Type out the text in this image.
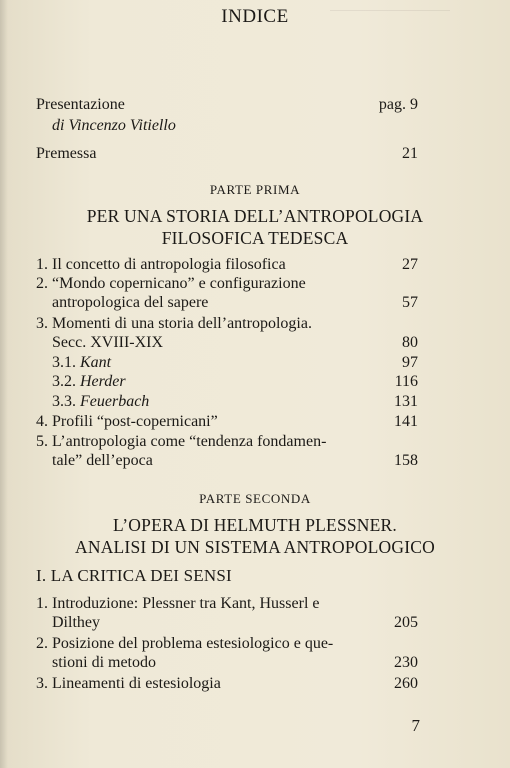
INDICE
Presentazione	pag. 9
di Vincenzo Vitiello
Premessa	21
PARTE PRIMA
PER UNA STORIA DELL’ANTROPOLOGIA
FILOSOFICA TEDESCA
1. Il concetto di antropologia filosofica	27
2. “Mondo copernicano” e configurazione
antropologica del sapere	57
3. Momenti di una storia dell’antropologia.
Secc. XVIII-XIX	80
3.1. Kant	97
3.2. Herder	116
3.3. Feuerbach	131
4. Profili “post-copernicani”	141
5. L’antropologia come “tendenza fondamen-
tale” dell’epoca	158
PARTE SECONDA
L’OPERA DI HELMUTH PLESSNER.
ANALISI DI UN SISTEMA ANTROPOLOGICO
I. LA CRITICA DEI SENSI
1. Introduzione: Plessner tra Kant, Husserl e
Dilthey	205
2. Posizione del problema estesiologico e que-
stioni di metodo	230
3. Lineamenti di estesiologia	260
7
